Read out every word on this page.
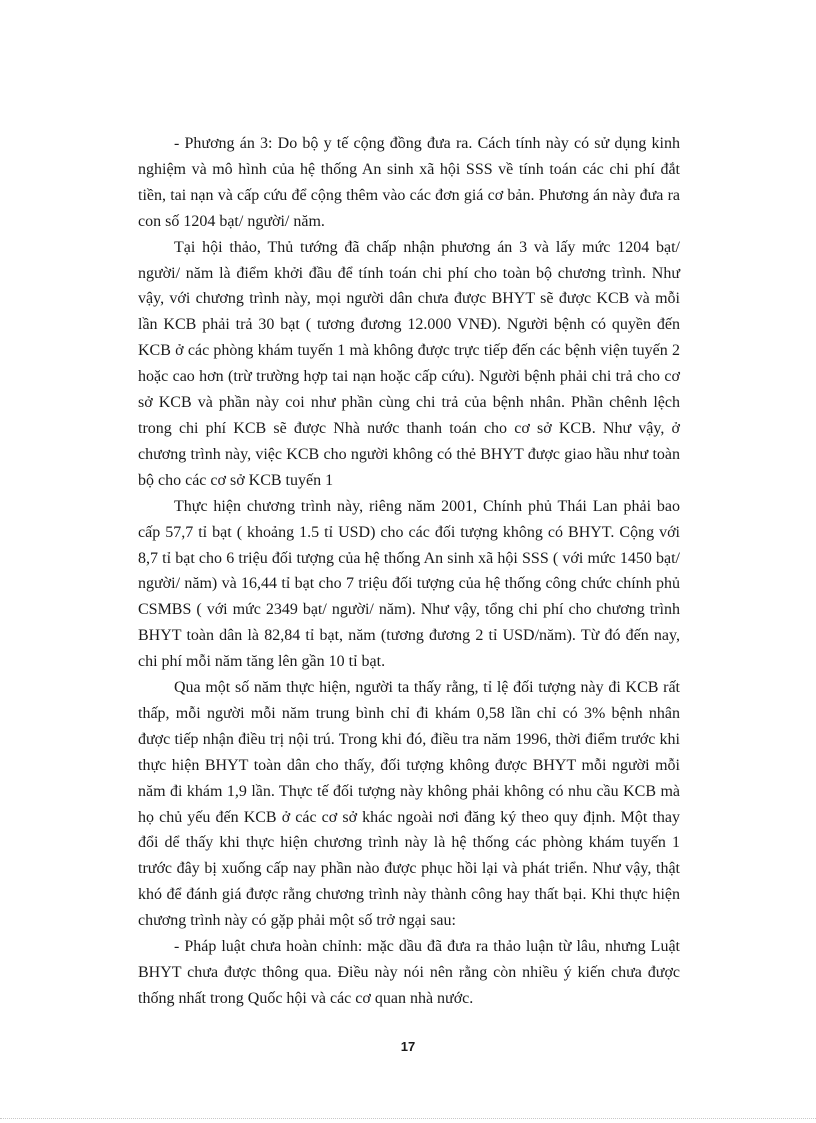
- Phương án 3: Do bộ y tế cộng đồng đưa ra. Cách tính này có sử dụng kinh nghiệm và mô hình của hệ thống An sinh xã hội SSS về tính toán các chi phí đắt tiền, tai nạn và cấp cứu để cộng thêm vào các đơn giá cơ bản. Phương án này đưa ra con số 1204 bạt/ người/ năm.

Tại hội thảo, Thủ tướng đã chấp nhận phương án 3 và lấy mức 1204 bạt/ người/ năm là điểm khởi đầu để tính toán chi phí cho toàn bộ chương trình. Như vậy, với chương trình này, mọi người dân chưa được BHYT sẽ được KCB và mỗi lần KCB phải trả 30 bạt ( tương đương 12.000 VNĐ). Người bệnh có quyền đến KCB ở các phòng khám tuyến 1 mà không được trực tiếp đến các bệnh viện tuyến 2 hoặc cao hơn (trừ trường hợp tai nạn hoặc cấp cứu). Người bệnh phải chi trả cho cơ sở KCB và phần này coi như phần cùng chi trả của bệnh nhân. Phần chênh lệch trong chi phí KCB sẽ được Nhà nước thanh toán cho cơ sở KCB. Như vậy, ở chương trình này, việc KCB cho người không có thẻ BHYT được giao hầu như toàn bộ cho các cơ sở KCB tuyến 1

Thực hiện chương trình này, riêng năm 2001, Chính phủ Thái Lan phải bao cấp 57,7 tỉ bạt ( khoảng 1.5 tỉ USD) cho các đối tượng không có BHYT. Cộng với 8,7 tỉ bạt cho 6 triệu đối tượng của hệ thống An sinh xã hội SSS ( với mức 1450 bạt/ người/ năm) và 16,44 tỉ bạt cho 7 triệu đối tượng của hệ thống công chức chính phủ CSMBS ( với mức 2349 bạt/ người/ năm). Như vậy, tổng chi phí cho chương trình BHYT toàn dân là 82,84 tỉ bạt, năm (tương đương 2 tỉ USD/năm). Từ đó đến nay, chi phí mỗi năm tăng lên gần 10 tỉ bạt.

Qua một số năm thực hiện, người ta thấy rằng, tỉ lệ đối tượng này đi KCB rất thấp, mỗi người mỗi năm trung bình chỉ đi khám 0,58 lần chỉ có 3% bệnh nhân được tiếp nhận điều trị nội trú. Trong khi đó, điều tra năm 1996, thời điểm trước khi thực hiện BHYT toàn dân cho thấy, đối tượng không được BHYT mỗi người mỗi năm đi khám 1,9 lần. Thực tế đối tượng này không phải không có nhu cầu KCB mà họ chủ yếu đến KCB ở các cơ sở khác ngoài nơi đăng ký theo quy định. Một thay đổi dể thấy khi thực hiện chương trình này là hệ thống các phòng khám tuyến 1 trước đây bị xuống cấp nay phần nào được phục hồi lại và phát triển. Như vậy, thật khó để đánh giá được rằng chương trình này thành công hay thất bại. Khi thực hiện chương trình này có gặp phải một số trở ngại sau:

- Pháp luật chưa hoàn chỉnh: mặc dầu đã đưa ra thảo luận từ lâu, nhưng Luật BHYT chưa được thông qua. Điều này nói nên rằng còn nhiều ý kiến chưa được thống nhất trong Quốc hội và các cơ quan nhà nước.

17
